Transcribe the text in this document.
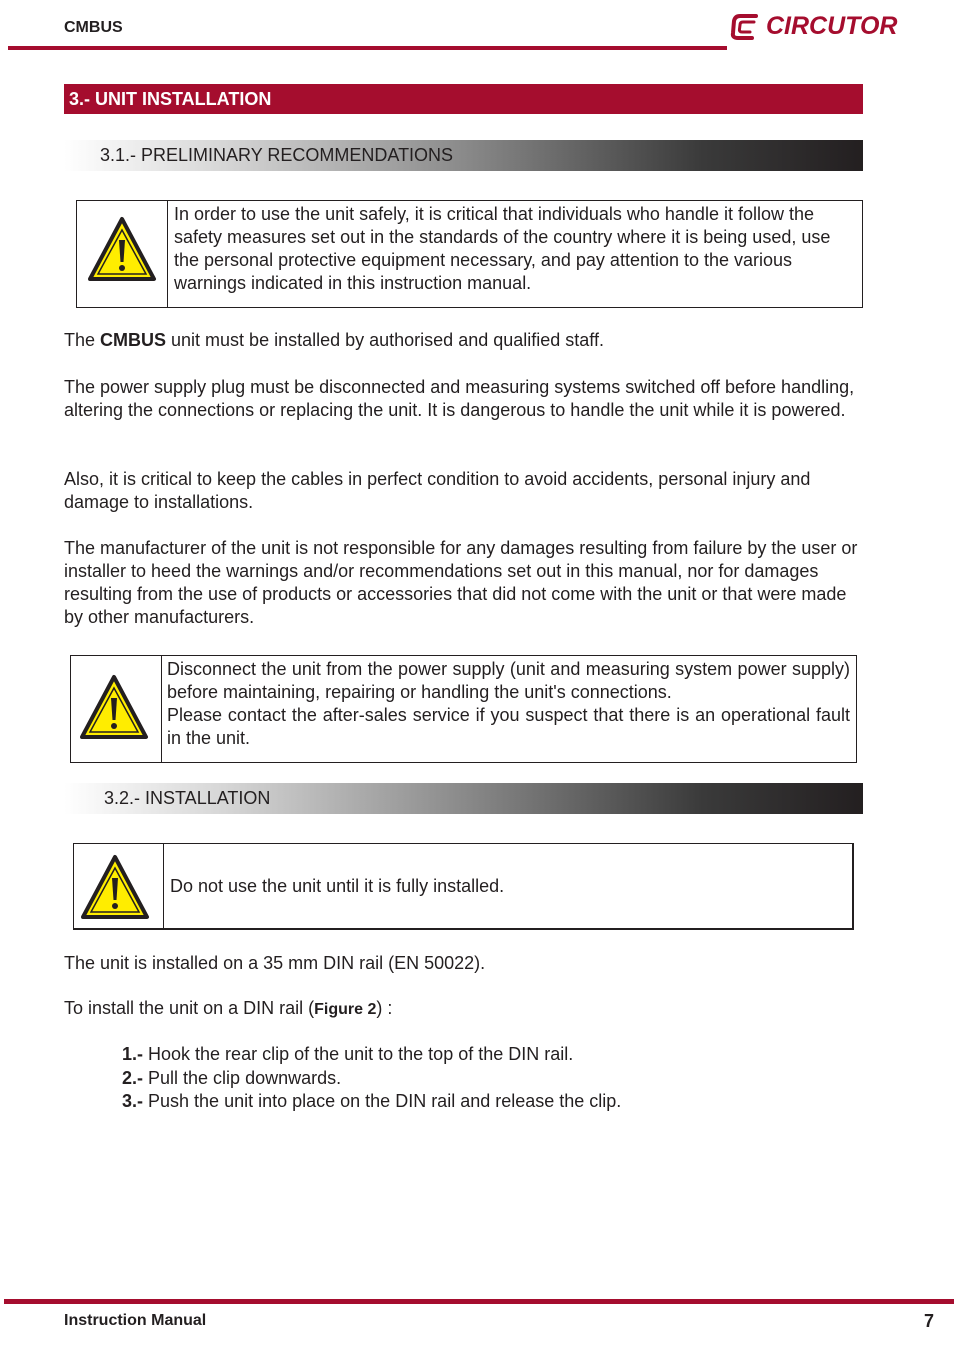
CMBUS	CIRCUTOR
3.- UNIT INSTALLATION
3.1.- PRELIMINARY RECOMMENDATIONS
In order to use the unit safely, it is critical that individuals who handle it follow the safety measures set out in the standards of the country where it is being used, use the personal protective equipment necessary, and pay attention to the various warnings indicated in this instruction manual.
The CMBUS unit must be installed by authorised and qualified staff.
The power supply plug must be disconnected and measuring systems switched off before handling, altering the connections or replacing the unit. It is dangerous to handle the unit while it is powered.
Also, it is critical to keep the cables in perfect condition to avoid accidents, personal injury and damage to installations.
The manufacturer of the unit is not responsible for any damages resulting from failure by the user or installer to heed the warnings and/or recommendations set out in this manual, nor for damages resulting from the use of products or accessories that did not come with the unit or that were made by other manufacturers.
Disconnect the unit from the power supply (unit and measuring system power supply) before maintaining, repairing or handling the unit's connections.
Please contact the after-sales service if you suspect that there is an operational fault in the unit.
3.2.- INSTALLATION
Do not use the unit until it is fully installed.
The unit is installed on a 35 mm DIN rail (EN 50022).
To install the unit on a DIN rail (Figure 2) :
1.- Hook the rear clip of the unit to the top of the DIN rail.
2.- Pull the clip downwards.
3.- Push the unit into place on the DIN rail and release the clip.
Instruction Manual	7
